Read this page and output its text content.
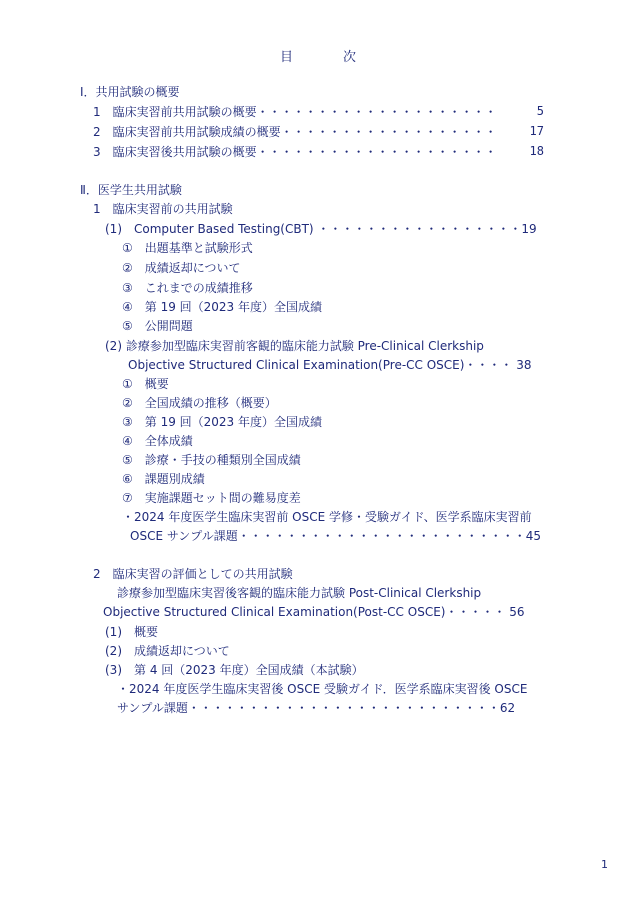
目	次
Ⅰ．共用試験の概要
1　臨床実習前共用試験の概要・・・・・・・・・・・・・・・・・・・・	5
2　臨床実習前共用試験成績の概要・・・・・・・・・・・・・・・・・・	17
3　臨床実習後共用試験の概要・・・・・・・・・・・・・・・・・・・・	18
Ⅱ．医学生共用試験
1　臨床実習前の共用試験
(1)　Computer Based Testing(CBT) ・・・・・・・・・・・・・・・・・19
①　出題基準と試験形式
②　成績返却について
③　これまでの成績推移
④　第 19 回（2023 年度）全国成績
⑤　公開問題
(2) 診療参加型臨床実習前客観的臨床能力試験 Pre-Clinical Clerkship
Objective Structured Clinical Examination(Pre-CC OSCE)・・・・ 38
①　概要
②　全国成績の推移（概要）
③　第 19 回（2023 年度）全国成績
④　全体成績
⑤　診療・手技の種類別全国成績
⑥　課題別成績
⑦　実施課題セット間の難易度差
・2024 年度医学生臨床実習前 OSCE 学修・受験ガイド、医学系臨床実習前
OSCE サンプル課題・・・・・・・・・・・・・・・・・・・・・・・・45
2　臨床実習の評価としての共用試験
診療参加型臨床実習後客観的臨床能力試験 Post-Clinical Clerkship
Objective Structured Clinical Examination(Post-CC OSCE)・・・・・ 56
(1)　概要
(2)　成績返却について
(3)　第 4 回（2023 年度）全国成績（本試験）
・2024 年度医学生臨床実習後 OSCE 受験ガイド．医学系臨床実習後 OSCE
サンプル課題・・・・・・・・・・・・・・・・・・・・・・・・・・62
1
